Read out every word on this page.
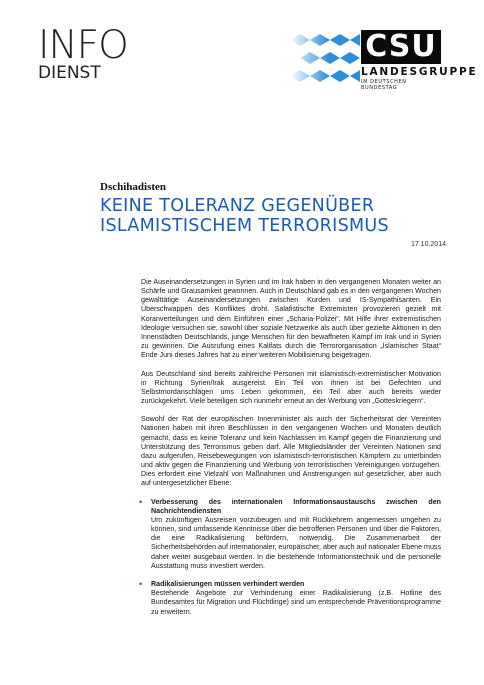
INFO
DIENST
CSU
LANDESGRUPPE
IM DEUTSCHEN BUNDESTAG
Dschihadisten
KEINE TOLERANZ GEGENÜBER ISLAMISTISCHEM TERRORISMUS
17.10.2014

Die Auseinandersetzungen in Syrien und im Irak haben in den vergangenen Monaten weiter an Schärfe und Grausamkeit gewonnen. Auch in Deutschland gab es in den vergangenen Wochen gewalttätige Auseinandersetzungen zwischen Kurden und IS-Sympathisanten. Ein Überschwappen des Konfliktes droht. Salafistische Extremisten provozieren gezielt mit Koranverteilungen und dem Einführen einer „Scharia-Polizei“. Mit Hilfe ihrer extremistischen Ideologie versuchen sie, sowohl über soziale Netzwerke als auch über gezielte Aktionen in den Innenstädten Deutschlands, junge Menschen für den bewaffneten Kampf im Irak und in Syrien zu gewinnen. Die Ausrufung eines Kalifats durch die Terrororganisation „Islamischer Staat“ Ende Juni dieses Jahres hat zu einer weiteren Mobilisierung beigetragen.

Aus Deutschland sind bereits zahlreiche Personen mit islamistisch-extremistischer Motivation in Richtung Syrien/Irak ausgereist. Ein Teil von ihnen ist bei Gefechten und Selbstmordanschlägen ums Leben gekommen, ein Teil aber auch bereits wieder zurückgekehrt. Viele beteiligen sich nunmehr erneut an der Werbung von „Gotteskriegern“.

Sowohl der Rat der europäischen Innenminister als auch der Sicherheitsrat der Vereinten Nationen haben mit ihren Beschlüssen in den vergangenen Wochen und Monaten deutlich gemacht, dass es keine Toleranz und kein Nachlassen im Kampf gegen die Finanzierung und Unterstützung des Terrorismus geben darf. Alle Mitgliedsländer der Vereinten Nationen sind dazu aufgerufen, Reisebewegungen von islamistisch-terroristischen Kämpfern zu unterbinden und aktiv gegen die Finanzierung und Werbung von terroristischen Vereinigungen vorzugehen. Dies erfordert eine Vielzahl von Maßnahmen und Anstrengungen auf gesetzlicher, aber auch auf untergesetzlicher Ebene:

• Verbesserung des internationalen Informationsaustauschs zwischen den Nachrichtendiensten
Um zukünftigen Ausreisen vorzubeugen und mit Rückkehrern angemessen umgehen zu können, sind umfassende Kenntnisse über die betroffenen Personen und über die Faktoren, die eine Radikalisierung befördern, notwendig. Die Zusammenarbeit der Sicherheitsbehörden auf internationaler, europäischer, aber auch auf nationaler Ebene muss daher weiter ausgebaut werden. In die bestehende Informationstechnik und die personelle Ausstattung muss investiert werden.
• Radikalisierungen müssen verhindert werden
Bestehende Angebote zur Verhinderung einer Radikalisierung (z.B. Hotline des Bundesamtes für Migration und Flüchtlinge) sind um entsprechende Präventionsprogramme zu erweitern.
